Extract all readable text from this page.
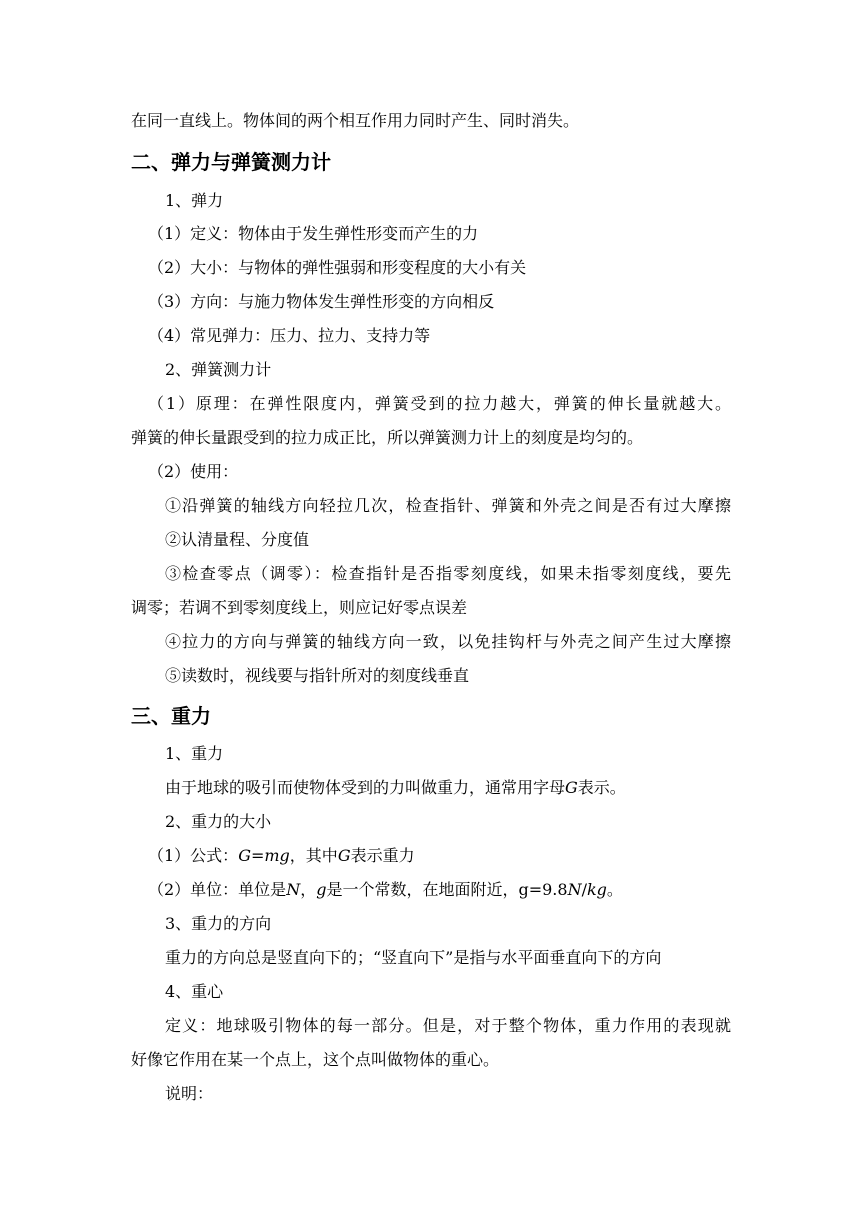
在同一直线上。物体间的两个相互作用力同时产生、同时消失。
二、弹力与弹簧测力计
1、弹力
（1）定义：物体由于发生弹性形变而产生的力
（2）大小：与物体的弹性强弱和形变程度的大小有关
（3）方向：与施力物体发生弹性形变的方向相反
（4）常见弹力：压力、拉力、支持力等
2、弹簧测力计
（1）原理：在弹性限度内，弹簧受到的拉力越大，弹簧的伸长量就越大。
弹簧的伸长量跟受到的拉力成正比，所以弹簧测力计上的刻度是均匀的。
（2）使用：
①沿弹簧的轴线方向轻拉几次，检查指针、弹簧和外壳之间是否有过大摩擦
②认清量程、分度值
③检查零点（调零）：检查指针是否指零刻度线，如果未指零刻度线，要先
调零；若调不到零刻度线上，则应记好零点误差
④拉力的方向与弹簧的轴线方向一致，以免挂钩杆与外壳之间产生过大摩擦
⑤读数时，视线要与指针所对的刻度线垂直
三、重力
1、重力
由于地球的吸引而使物体受到的力叫做重力，通常用字母G表示。
2、重力的大小
（1）公式：G=mg，其中G表示重力
（2）单位：单位是N，g是一个常数，在地面附近，g=9.8N/kg。
3、重力的方向
重力的方向总是竖直向下的；“竖直向下”是指与水平面垂直向下的方向
4、重心
定义：地球吸引物体的每一部分。但是，对于整个物体，重力作用的表现就
好像它作用在某一个点上，这个点叫做物体的重心。
说明：
